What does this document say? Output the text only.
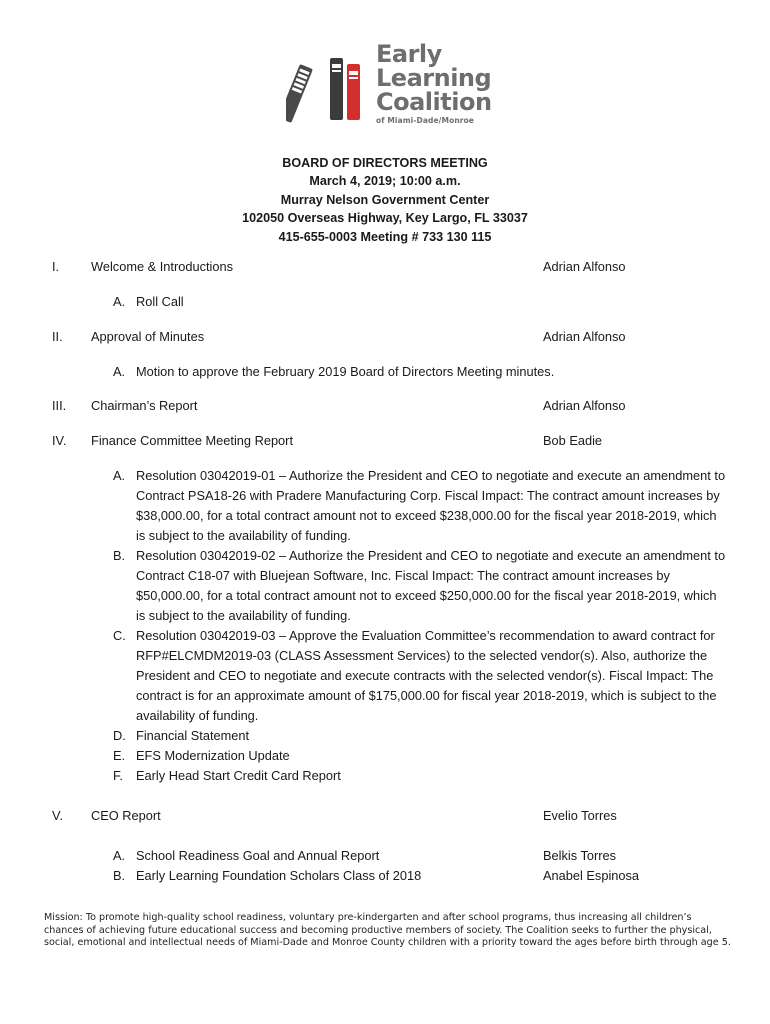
Early
Learning
Coalition
of Miami-Dade/Monroe
BOARD OF DIRECTORS MEETING
March 4, 2019; 10:00 a.m.
Murray Nelson Government Center
102050 Overseas Highway, Key Largo, FL 33037
415-655-0003 Meeting # 733 130 115
I. Welcome & Introductions	Adrian Alfonso
A. Roll Call
II. Approval of Minutes	Adrian Alfonso
A. Motion to approve the February 2019 Board of Directors Meeting minutes.
III. Chairman’s Report	Adrian Alfonso
IV. Finance Committee Meeting Report	Bob Eadie
A. Resolution 03042019-01 – Authorize the President and CEO to negotiate and execute an amendment to Contract PSA18-26 with Pradere Manufacturing Corp. Fiscal Impact: The contract amount increases by $38,000.00, for a total contract amount not to exceed $238,000.00 for the fiscal year 2018-2019, which is subject to the availability of funding.
B. Resolution 03042019-02 – Authorize the President and CEO to negotiate and execute an amendment to Contract C18-07 with Bluejean Software, Inc. Fiscal Impact: The contract amount increases by $50,000.00, for a total contract amount not to exceed $250,000.00 for the fiscal year 2018-2019, which is subject to the availability of funding.
C. Resolution 03042019-03 – Approve the Evaluation Committee’s recommendation to award contract for RFP#ELCMDM2019-03 (CLASS Assessment Services) to the selected vendor(s). Also, authorize the President and CEO to negotiate and execute contracts with the selected vendor(s). Fiscal Impact: The contract is for an approximate amount of $175,000.00 for fiscal year 2018-2019, which is subject to the availability of funding.
D. Financial Statement
E. EFS Modernization Update
F. Early Head Start Credit Card Report
V. CEO Report	Evelio Torres
A. School Readiness Goal and Annual Report	Belkis Torres
B. Early Learning Foundation Scholars Class of 2018	Anabel Espinosa
Mission: To promote high-quality school readiness, voluntary pre-kindergarten and after school programs, thus increasing all children’s chances of achieving future educational success and becoming productive members of society. The Coalition seeks to further the physical, social, emotional and intellectual needs of Miami-Dade and Monroe County children with a priority toward the ages before birth through age 5.
